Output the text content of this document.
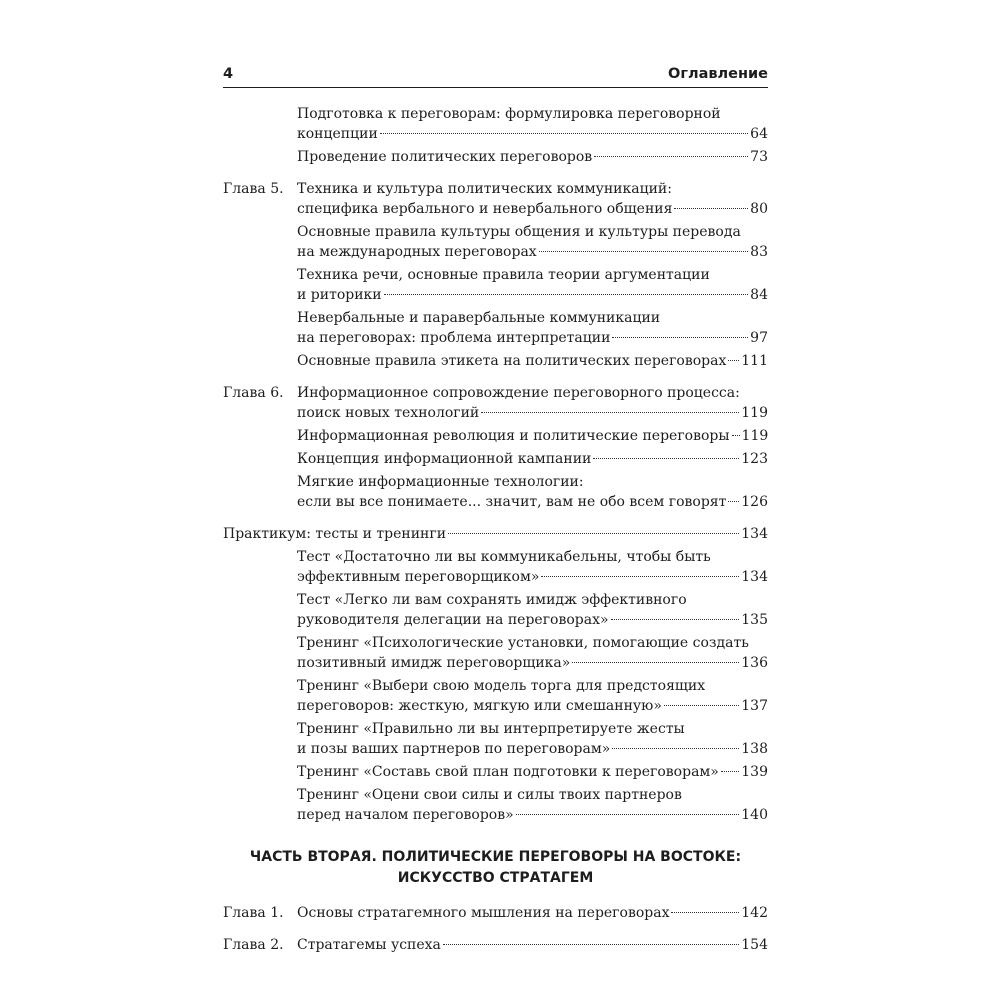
4	Оглавление
Подготовка к переговорам: формулировка переговорной
концепции	64
Проведение политических переговоров	73
Глава 5. Техника и культура политических коммуникаций:
специфика вербального и невербального общения	80
Основные правила культуры общения и культуры перевода
на международных переговорах	83
Техника речи, основные правила теории аргументации
и риторики	84
Невербальные и паравербальные коммуникации
на переговорах: проблема интерпретации	97
Основные правила этикета на политических переговорах 111
Глава 6. Информационное сопровождение переговорного процесса:
поиск новых технологий	119
Информационная революция и политические переговоры 119
Концепция информационной кампании	123
Мягкие информационные технологии:
если вы все понимаете... значит, вам не обо всем говорят 126
Практикум: тесты и тренинги	134
Тест «Достаточно ли вы коммуникабельны, чтобы быть
эффективным переговорщиком»	134
Тест «Легко ли вам сохранять имидж эффективного
руководителя делегации на переговорах»	135
Тренинг «Психологические установки, помогающие создать
позитивный имидж переговорщика»	136
Тренинг «Выбери свою модель торга для предстоящих
переговоров: жесткую, мягкую или смешанную»	137
Тренинг «Правильно ли вы интерпретируете жесты
и позы ваших партнеров по переговорам»	138
Тренинг «Составь свой план подготовки к переговорам» 139
Тренинг «Оцени свои силы и силы твоих партнеров
перед началом переговоров»	140
ЧАСТЬ ВТОРАЯ. ПОЛИТИЧЕСКИЕ ПЕРЕГОВОРЫ НА ВОСТОКЕ:
ИСКУССТВО СТРАТАГЕМ
Глава 1. Основы стратагемного мышления на переговорах	142
Глава 2. Стратагемы успеха	154
